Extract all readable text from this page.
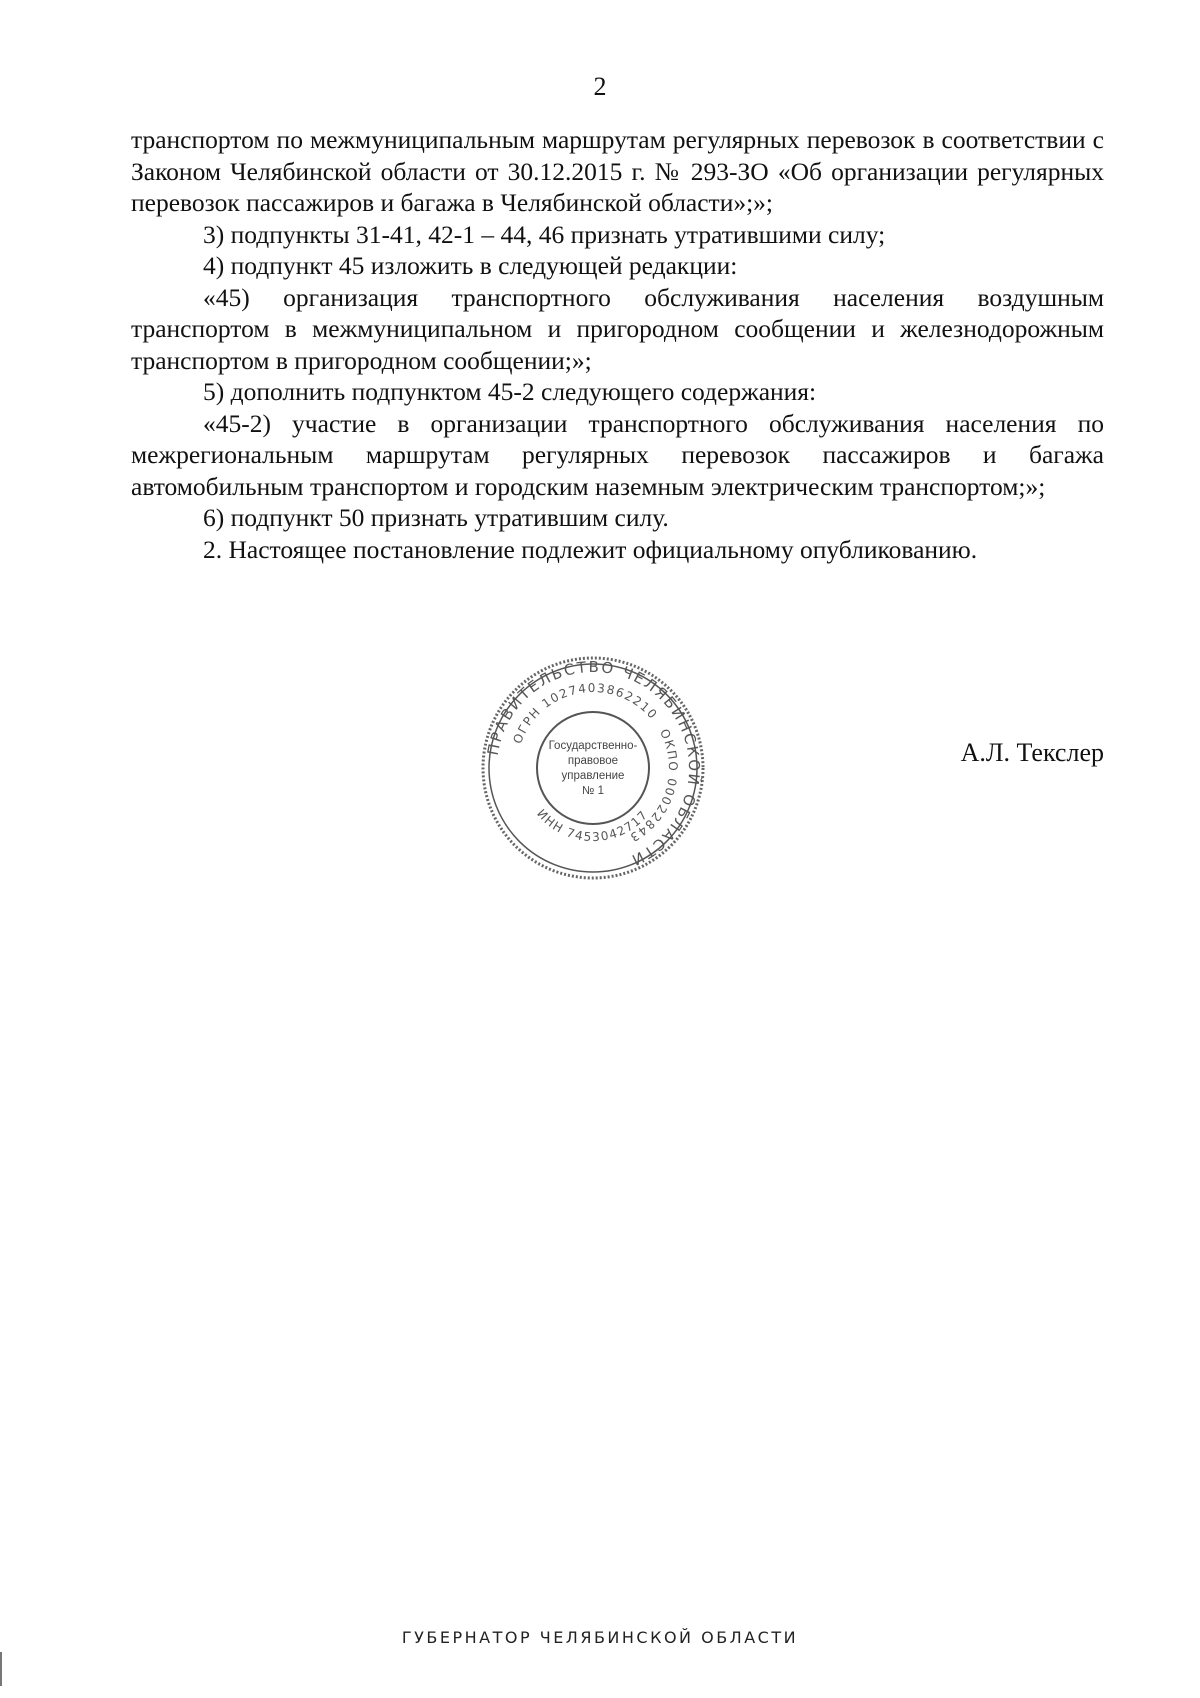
2

транспортом по межмуниципальным маршрутам регулярных перевозок в соответствии с Законом Челябинской области от 30.12.2015 г. № 293-ЗО «Об организации регулярных перевозок пассажиров и багажа в Челябинской области»;»;

3) подпункты 31-41, 42-1 – 44, 46 признать утратившими силу;

4) подпункт 45 изложить в следующей редакции:

«45) организация транспортного обслуживания населения воздушным транспортом в межмуниципальном и пригородном сообщении и железнодорожным транспортом в пригородном сообщении;»;

5) дополнить подпунктом 45-2 следующего содержания:

«45-2) участие в организации транспортного обслуживания населения по межрегиональным маршрутам регулярных перевозок пассажиров и багажа автомобильным транспортом и городским наземным электрическим транспортом;»;

6) подпункт 50 признать утратившим силу.

2. Настоящее постановление подлежит официальному опубликованию.

ПРАВИТЕЛЬСТВО ЧЕЛЯБИНСКОЙ ОБЛАСТИ
ОГРН 1027403862210
ОКПО 00022843
ИНН 7453042717
Государственно-
правовое
управление
№ 1
А.Л. Текслер
ГУБЕРНАТОР ЧЕЛЯБИНСКОЙ ОБЛАСТИ
